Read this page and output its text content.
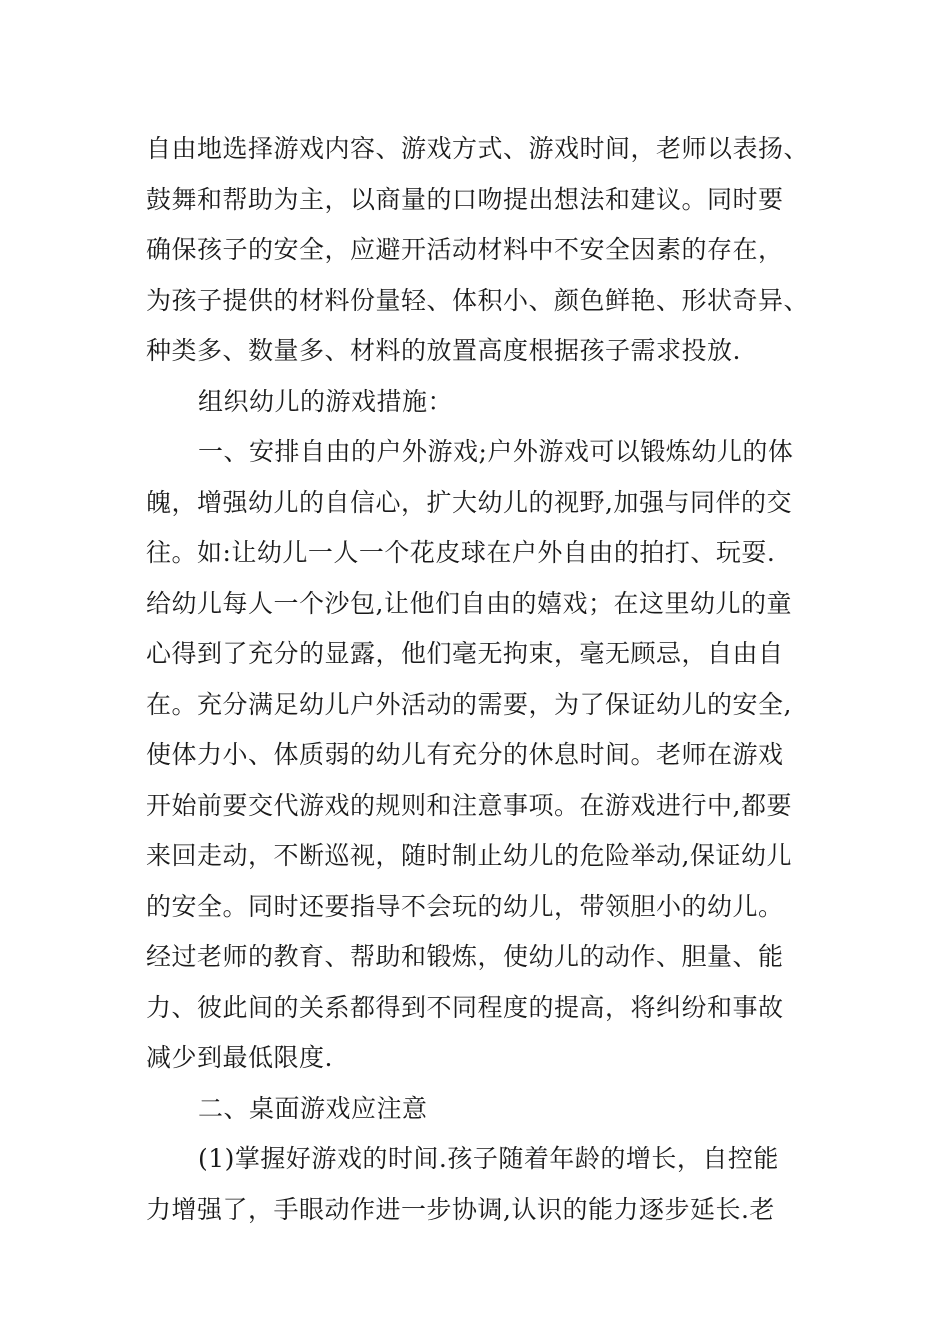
自由地选择游戏内容、游戏方式、游戏时间，老师以表扬、
鼓舞和帮助为主，以商量的口吻提出想法和建议。同时要
确保孩子的安全，应避开活动材料中不安全因素的存在，
为孩子提供的材料份量轻、体积小、颜色鲜艳、形状奇异、
种类多、数量多、材料的放置高度根据孩子需求投放.
组织幼儿的游戏措施：
一、安排自由的户外游戏;户外游戏可以锻炼幼儿的体
魄，增强幼儿的自信心，扩大幼儿的视野,加强与同伴的交
往。如:让幼儿一人一个花皮球在户外自由的拍打、玩耍.
给幼儿每人一个沙包,让他们自由的嬉戏；在这里幼儿的童
心得到了充分的显露，他们毫无拘束，毫无顾忌，自由自
在。充分满足幼儿户外活动的需要，为了保证幼儿的安全,
使体力小、体质弱的幼儿有充分的休息时间。老师在游戏
开始前要交代游戏的规则和注意事项。在游戏进行中,都要
来回走动，不断巡视，随时制止幼儿的危险举动,保证幼儿
的安全。同时还要指导不会玩的幼儿，带领胆小的幼儿。
经过老师的教育、帮助和锻炼，使幼儿的动作、胆量、能
力、彼此间的关系都得到不同程度的提高，将纠纷和事故
减少到最低限度.
二、桌面游戏应注意
(1)掌握好游戏的时间.孩子随着年龄的增长，自控能
力增强了，手眼动作进一步协调,认识的能力逐步延长.老
